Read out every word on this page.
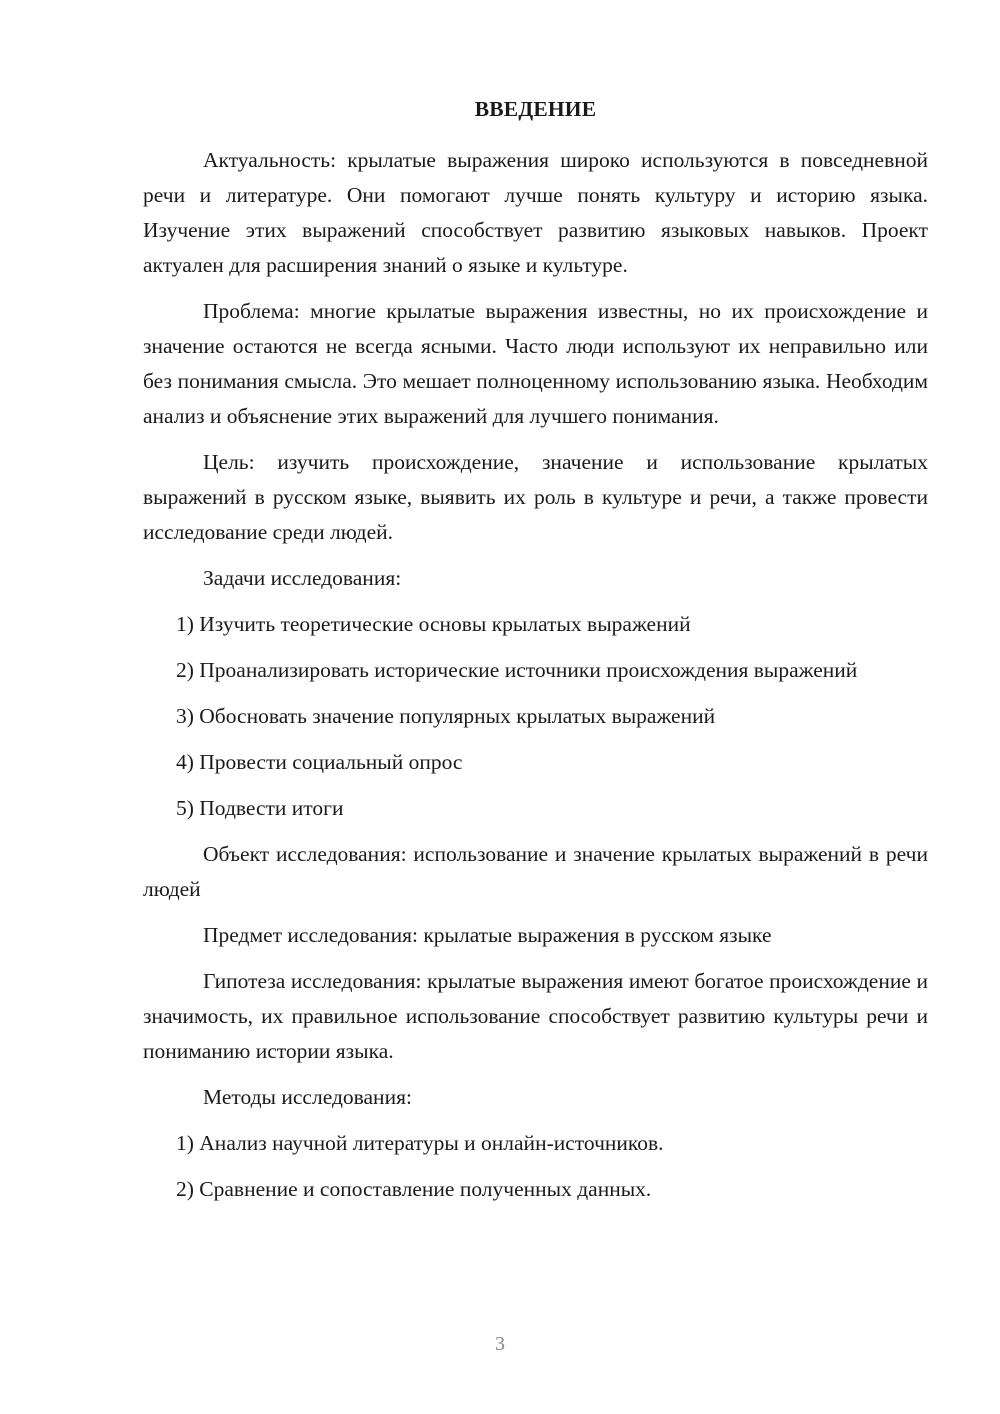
ВВЕДЕНИЕ

Актуальность: крылатые выражения широко используются в повседневной речи и литературе. Они помогают лучше понять культуру и историю языка. Изучение этих выражений способствует развитию языковых навыков. Проект актуален для расширения знаний о языке и культуре.

Проблема: многие крылатые выражения известны, но их происхождение и значение остаются не всегда ясными. Часто люди используют их неправильно или без понимания смысла. Это мешает полноценному использованию языка. Необходим анализ и объяснение этих выражений для лучшего понимания.

Цель: изучить происхождение, значение и использование крылатых выражений в русском языке, выявить их роль в культуре и речи, а также провести исследование среди людей.

Задачи исследования:

1) Изучить теоретические основы крылатых выражений

2) Проанализировать исторические источники происхождения выражений

3) Обосновать значение популярных крылатых выражений

4) Провести социальный опрос

5) Подвести итоги

Объект исследования: использование и значение крылатых выражений в речи людей

Предмет исследования: крылатые выражения в русском языке

Гипотеза исследования: крылатые выражения имеют богатое происхождение и значимость, их правильное использование способствует развитию культуры речи и пониманию истории языка.

Методы исследования:

1) Анализ научной литературы и онлайн-источников.

2) Сравнение и сопоставление полученных данных.

3
